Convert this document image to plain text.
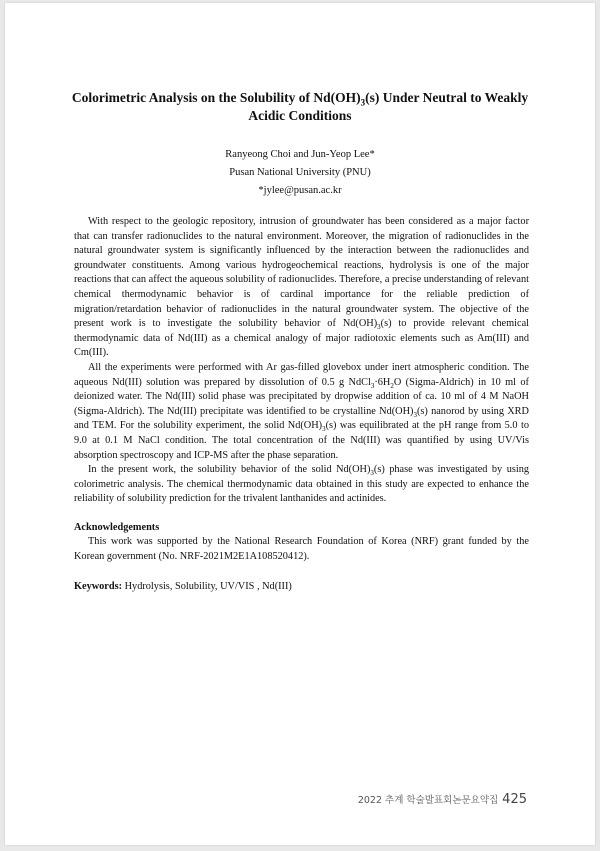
Colorimetric Analysis on the Solubility of $Nd(OH)_3(s)$ Under Neutral to Weakly Acidic Conditions
Ranyeong Choi and Jun-Yeop Lee*
Pusan National University (PNU)
*jylee@pusan.ac.kr

With respect to the geologic repository, intrusion of groundwater has been considered as a major factor that can transfer radionuclides to the natural environment. Moreover, the migration of radionuclides in the natural groundwater system is significantly influenced by the interaction between the radionuclides and groundwater constituents. Among various hydrogeochemical reactions, hydrolysis is one of the major reactions that can affect the aqueous solubility of radionuclides. Therefore, a precise understanding of relevant chemical thermodynamic behavior is of cardinal importance for the reliable prediction of migration/retardation behavior of radionuclides in the natural groundwater system. The objective of the present work is to investigate the solubility behavior of $Nd(OH)_3(s)$ to provide relevant chemical thermodynamic data of Nd(III) as a chemical analogy of major radiotoxic elements such as Am(III) and Cm(III).

All the experiments were performed with Ar gas-filled glovebox under inert atmospheric condition. The aqueous Nd(III) solution was prepared by dissolution of 0.5 g $NdCl_3\cdot 6H_2O$ (Sigma-Aldrich) in 10 ml of deionized water. The Nd(III) solid phase was precipitated by dropwise addition of ca. 10 ml of 4 M NaOH (Sigma-Aldrich). The Nd(III) precipitate was identified to be crystalline $Nd(OH)_3(s)$ nanorod by using XRD and TEM. For the solubility experiment, the solid $Nd(OH)_3(s)$ was equilibrated at the pH range from 5.0 to 9.0 at 0.1 M NaCl condition. The total concentration of the Nd(III) was quantified by using UV/Vis absorption spectroscopy and ICP-MS after the phase separation.

In the present work, the solubility behavior of the solid $Nd(OH)_3(s)$ phase was investigated by using colorimetric analysis. The chemical thermodynamic data obtained in this study are expected to enhance the reliability of solubility prediction for the trivalent lanthanides and actinides.

Acknowledgements
This work was supported by the National Research Foundation of Korea (NRF) grant funded by the Korean government (No. NRF-2021M2E1A108520412).
Keywords: Hydrolysis, Solubility, UV/VIS , Nd(III)
2022 추계 학술발표회논문요약집 425
